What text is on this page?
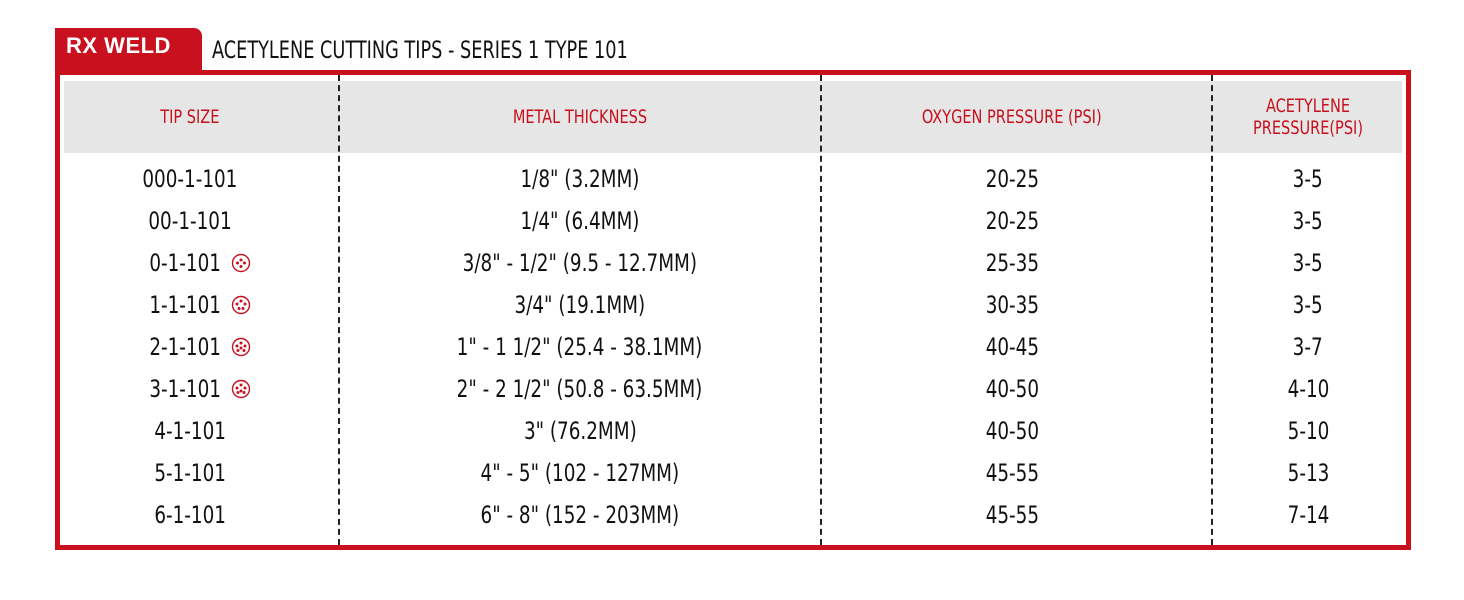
RX WELD ACETYLENE CUTTING TIPS - SERIES 1 TYPE 101
TIP SIZE	METAL THICKNESS	OXYGEN PRESSURE (PSI)	ACETYLENE PRESSURE(PSI)
000-1-101	1/8" (3.2MM)	20-25	3-5
00-1-101	1/4" (6.4MM)	20-25	3-5
0-1-101	3/8" - 1/2" (9.5 - 12.7MM)	25-35	3-5
1-1-101	3/4" (19.1MM)	30-35	3-5
2-1-101	1" - 1 1/2" (25.4 - 38.1MM)	40-45	3-7
3-1-101	2" - 2 1/2" (50.8 - 63.5MM)	40-50	4-10
4-1-101	3" (76.2MM)	40-50	5-10
5-1-101	4" - 5" (102 - 127MM)	45-55	5-13
6-1-101	6" - 8" (152 - 203MM)	45-55	7-14
